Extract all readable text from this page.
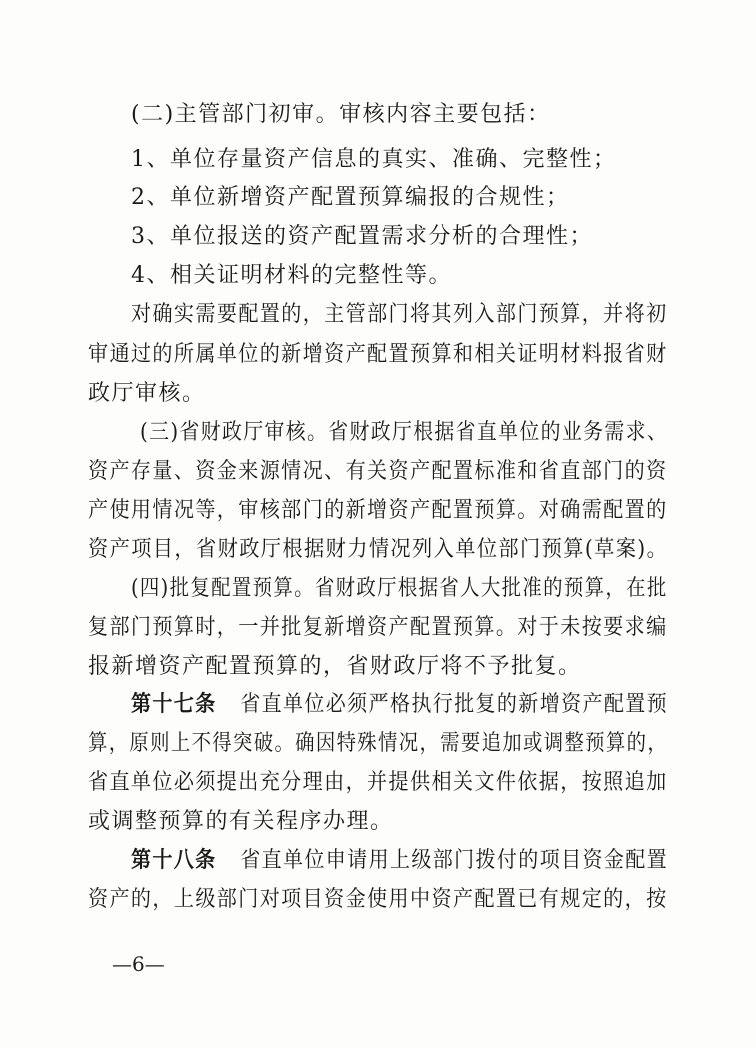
(二)主管部门初审。审核内容主要包括：
1、单位存量资产信息的真实、准确、完整性；
2、单位新增资产配置预算编报的合规性；
3、单位报送的资产配置需求分析的合理性；
4、相关证明材料的完整性等。
对确实需要配置的，主管部门将其列入部门预算，并将初
审通过的所属单位的新增资产配置预算和相关证明材料报省财
政厅审核。
(三)省财政厅审核。省财政厅根据省直单位的业务需求、
资产存量、资金来源情况、有关资产配置标准和省直部门的资
产使用情况等，审核部门的新增资产配置预算。对确需配置的
资产项目，省财政厅根据财力情况列入单位部门预算(草案)。
(四)批复配置预算。省财政厅根据省人大批准的预算，在批
复部门预算时，一并批复新增资产配置预算。对于未按要求编
报新增资产配置预算的，省财政厅将不予批复。
第十七条 省直单位必须严格执行批复的新增资产配置预
算，原则上不得突破。确因特殊情况，需要追加或调整预算的，
省直单位必须提出充分理由，并提供相关文件依据，按照追加
或调整预算的有关程序办理。
第十八条 省直单位申请用上级部门拨付的项目资金配置
资产的，上级部门对项目资金使用中资产配置已有规定的，按
—6—
